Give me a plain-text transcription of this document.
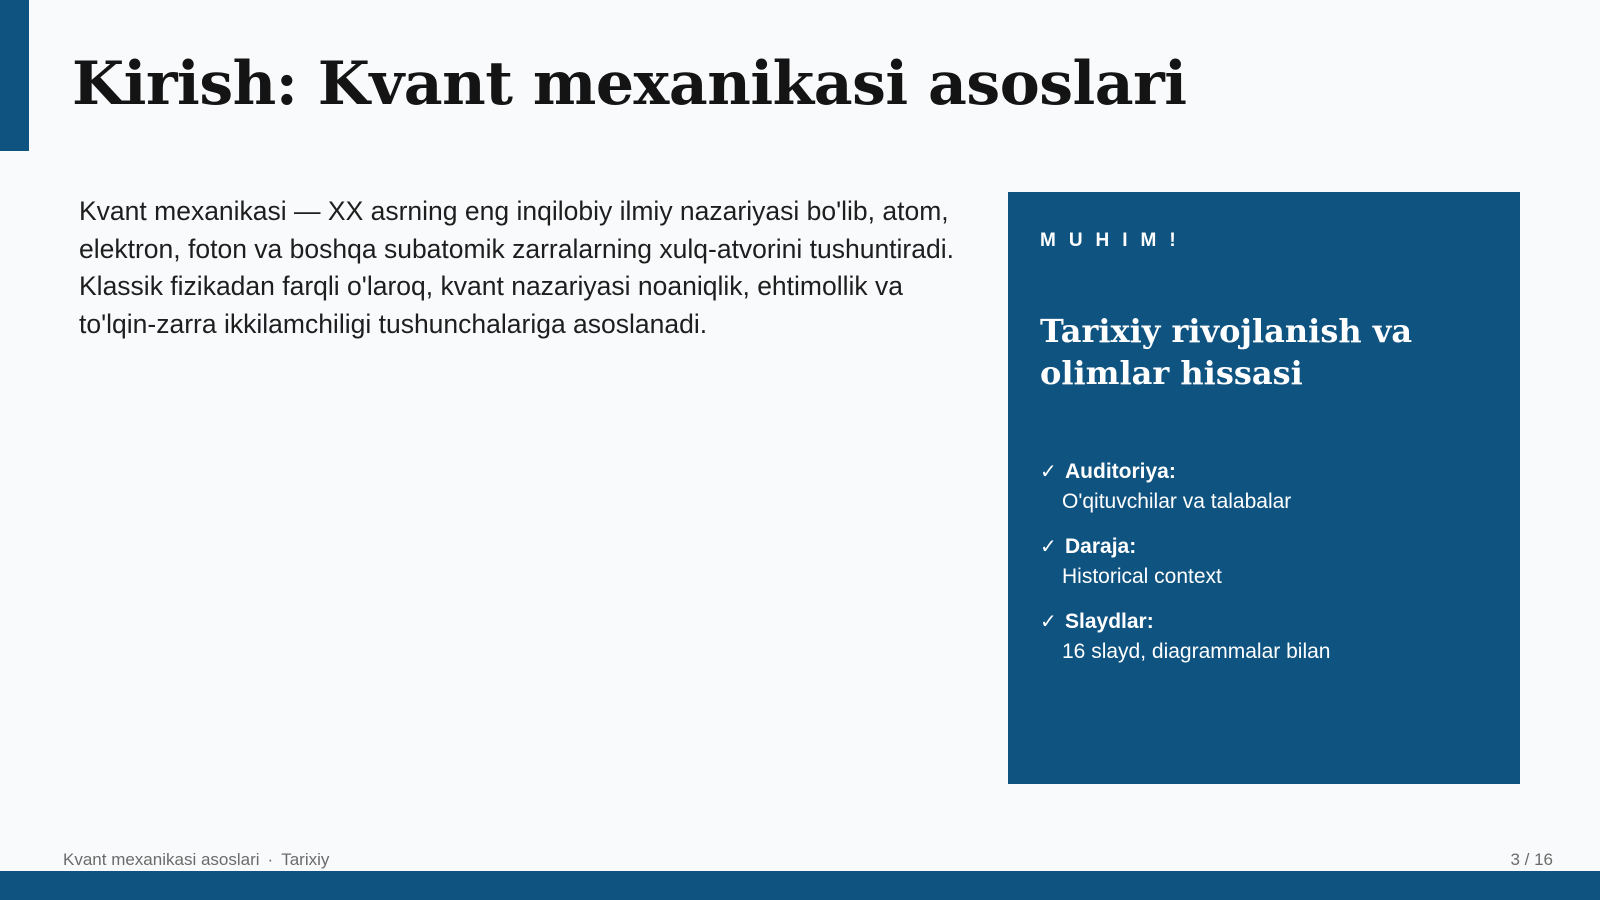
Kirish: Kvant mexanikasi asoslari

Kvant mexanikasi — XX asrning eng inqilobiy ilmiy nazariyasi bo'lib, atom, elektron, foton va boshqa subatomik zarralarning xulq-atvorini tushuntiradi. Klassik fizikadan farqli o'laroq, kvant nazariyasi noaniqlik, ehtimollik va to'lqin-zarra ikkilamchiligi tushunchalariga asoslanadi.

MUHIM!
Tarixiy rivojlanish va olimlar hissasi
✓ Auditoriya:
O'qituvchilar va talabalar
✓ Daraja:
Historical context
✓ Slaydlar:
16 slayd, diagrammalar bilan
Kvant mexanikasi asoslari · Tarixiy	3 / 16
